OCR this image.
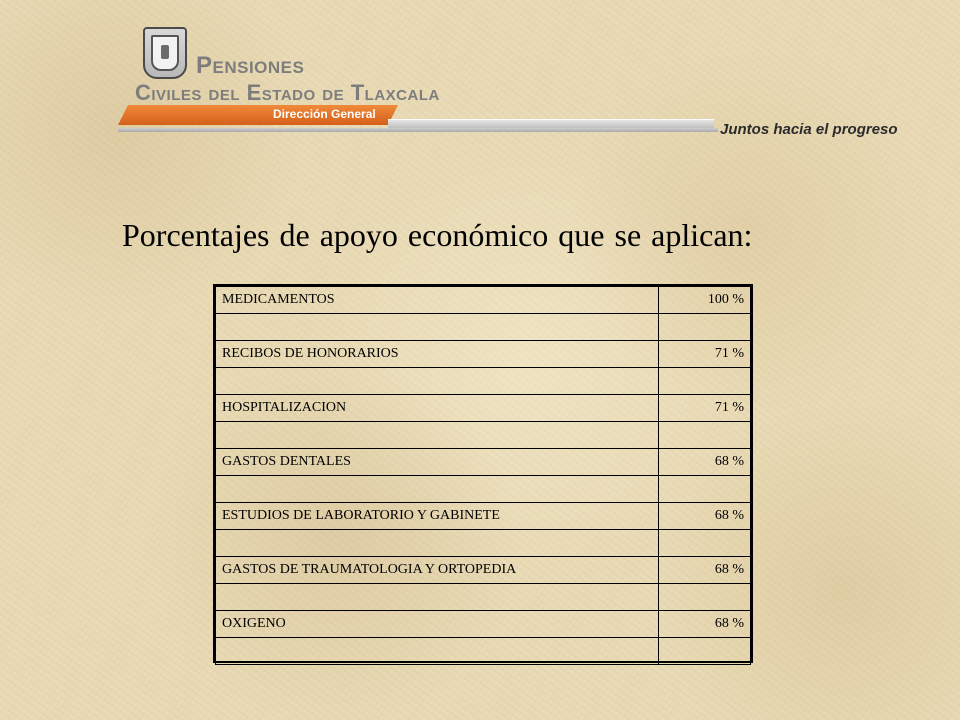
Pensiones
Civiles del Estado de Tlaxcala
Dirección General
Juntos hacia el progreso
Porcentajes de apoyo económico que se aplican:
MEDICAMENTOS	100 %

RECIBOS DE HONORARIOS	71 %

HOSPITALIZACION	71 %

GASTOS DENTALES	68 %

ESTUDIOS DE LABORATORIO Y GABINETE	68 %

GASTOS DE TRAUMATOLOGIA Y ORTOPEDIA	68 %

OXIGENO	68 %
